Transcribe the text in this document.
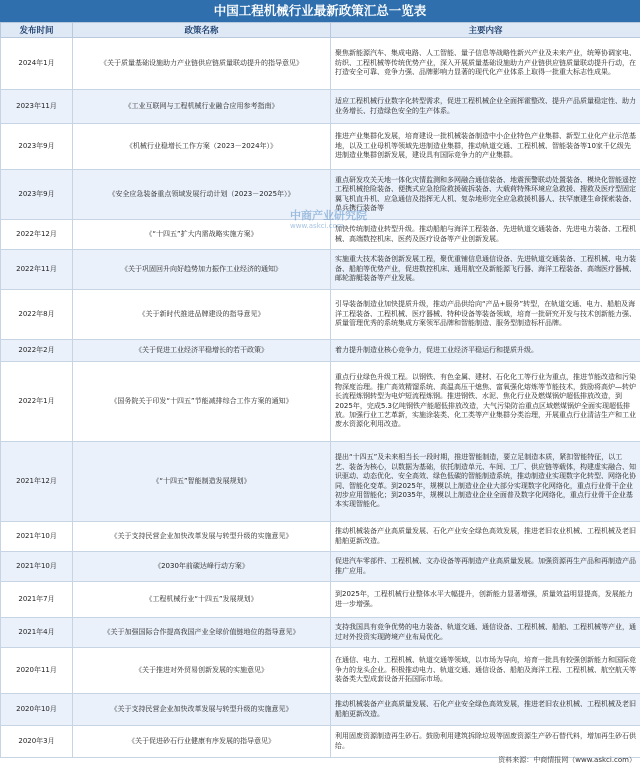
中国工程机械行业最新政策汇总一览表
发布时间	政策名称	主要内容
2024年1月	《关于质量基础设施助力产业链供应链质量联动提升的指导意见》	聚焦新能源汽车、集成电路、人工智能、量子信息等战略性新兴产业及未来产业，统筹协调家电、纺织、工程机械等传统优势产业，深入开展质量基础设施助力产业链供应链质量联动提升行动，在打造安全可靠、竞争力强、品牌影响力显著的现代化产业体系上取得一批重大标志性成果。
2023年11月	《工业互联网与工程机械行业融合应用参考指南》	适应工程机械行业数字化转型需求，促进工程机械企业全面挥霍整改、提升产品质量稳定性、助力业务增长、打造绿色安全的生产体系。
2023年9月	《机械行业稳增长工作方案（2023－2024年）》	推进产业集群化发展，培育建设一批机械装备制造中小企业特色产业集群、新型工业化产业示范基地，以及工业母机等领域先进制造业集群，推动轨道交通、工程机械、智能装备等10家千亿级先进制造业集群创新发展，建设具有国际竞争力的产业集群。
2023年9月	《安全应急装备重点领域发展行动计划（2023－2025年）》	重点研发攻关天地一体化灾情监测和多网融合通信装备、地震预警联动处置装备、模块化智能遥控工程机械抢险装备、便携式应急抢险救援破拆装备、大载荷特殊环境应急救援、搜救及医疗型固定翼飞机直升机、应急通信及指挥无人机、复杂地形完全应急救援机器人、扶罕康建生命探索装备、单兵携行装备等
2022年12月	《“十四五”扩大内需战略实施方案》	加快传统制造业转型升级。推动船舶与海洋工程装备、先进轨道交通装备、先进电力装备、工程机械、高端数控机床、医药及医疗设备等产业创新发展。
2022年11月	《关于巩固回升向好趋势加力振作工业经济的通知》	实施重大技术装备创新发展工程，聚优重铺信息通信设备、先进轨道交通装备、工程机械、电力装备、船舶等优势产业，促进数控机床、通用航空及新能源飞行器、海洋工程装备、高端医疗器械、邮轮游艇装备等产业发展。
2022年8月	《关于新时代推进品牌建设的指导意见》	引导装备制造业加快提质升级，推动产品供给向“产品+服务”转型，在轨道交通、电力、船舶及海洋工程装备、工程机械、医疗器械、特种设备等装备领域，培育一批研究开发与技术创新能力强、质量管理优秀的系统集成方案领军品牌和智能制造、服务型制造标杆品牌。
2022年2月	《关于促进工业经济平稳增长的若干政策》	着力提升制造业核心竞争力，促进工业经济平稳运行和提质升级。
2022年1月	《国务院关于印发“十四五”节能减排综合工作方案的通知》	重点行业绿色升级工程。以钢铁、有色金属、建材、石化化工等行业为重点，推进节能改造和污染物深度治理。推广高效精馏系统、高温高压干熄焦、富氧强化熔炼等节能技术，鼓励将高炉—转炉长流程炼钢转型为电炉短流程炼钢。推进钢铁、水泥、焦化行业及燃煤锅炉超低排放改造，到2025年，完成5.3亿吨钢铁产能超低排放改造，大气污染防治重点区域燃煤锅炉全面实现超低排放。加强行业工艺革新，实施涂装类、化工类等产业集群分类治理，开展重点行业清洁生产和工业废水资源化利用改造。
2021年12月	《“十四五”智能制造发展规划》	提出“十四五”及未来相当长一段时期，推进智能制造，要立足制造本质，紧扣智能特征，以工艺、装备为核心，以数据为基础，依托制造单元、车间、工厂、供应链等载体，构建虚实融合、知识驱动、动态优化、安全高效、绿色低碳的智能制造系统，推动制造业实现数字化转型、网络化协同、智能化变革。到2025年，规模以上制造业企业大部分实现数字化网络化，重点行业骨干企业初步应用智能化；到2035年，规模以上制造业企业全面普及数字化网络化，重点行业骨干企业基本实现智能化。
2021年10月	《关于支持民营企业加快改革发展与转型升级的实施意见》	推动机械装备产业高质量发展、石化产业安全绿色高效发展，推进老旧农业机械、工程机械及老旧船舶更新改造。
2021年10月	《2030年前碳达峰行动方案》	促进汽车零部件、工程机械、文办设备等再制造产业高质量发展。加强资源再生产品和再制造产品推广应用。
2021年7月	《工程机械行业“十四五”发展规划》	到2025年，工程机械行业整体水平大幅提升，创新能力显著增强，质量效益明显提高，发展能力进一步增强。
2021年4月	《关于加强国际合作提高我国产业全球价值链地位的指导意见》	支持我国具有竞争优势的电力装备、轨道交通、通信设备、工程机械、船舶、工程机械等产业，通过对外投资实现跨境产业布局优化。
2020年11月	《关于推进对外贸易创新发展的实施意见》	在通信、电力、工程机械、轨道交通等领域，以市场为导向，培育一批具有较强创新能力和国际竞争力的龙头企业。积极推动电力、轨道交通、通信设备、船舶及海洋工程、工程机械、航空航天等装备类大型成套设备开拓国际市场。
2020年10月	《关于支持民营企业加快改革发展与转型升级的实施意见》	推动机械装备产业高质量发展、石化产业安全绿色高效发展，推进老旧农业机械、工程机械及老旧船舶更新改造。
2020年3月	《关于促进砂石行业健康有序发展的指导意见》	利用固废资源制造再生砂石。鼓励利用建筑拆除垃圾等固废资源生产砂石替代料，增加再生砂石供给。
中商产业研究院
www.askci.com
资料来源：中商情报网（www.askci.com）
